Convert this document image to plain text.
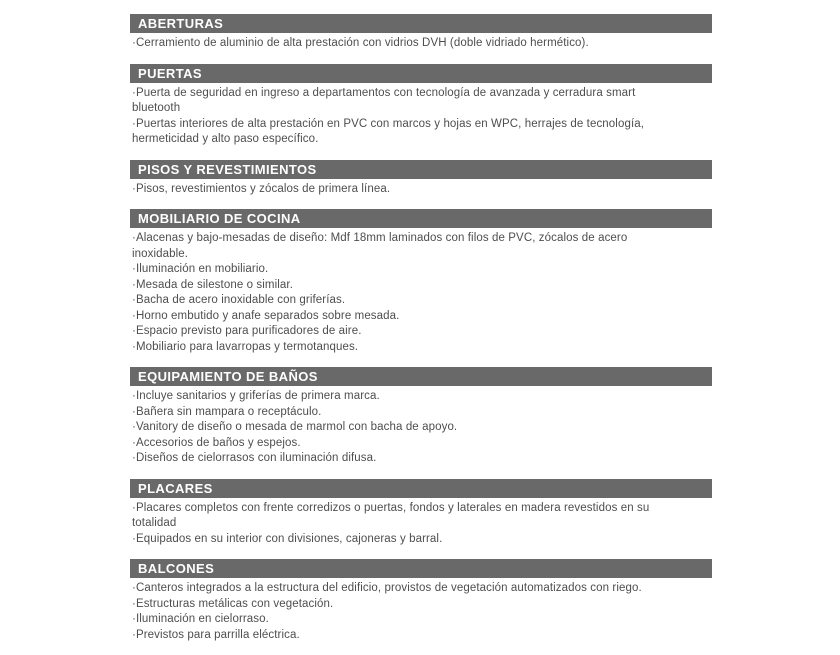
ABERTURAS
· Cerramiento de aluminio de alta prestación con vidrios DVH (doble vidriado hermético).
PUERTAS
· Puerta de seguridad en ingreso a departamentos con tecnología de avanzada y cerradura smart bluetooth
· Puertas interiores de alta prestación en PVC con marcos y hojas en WPC, herrajes de tecnología, hermeticidad y alto paso específico.
PISOS Y REVESTIMIENTOS
· Pisos, revestimientos y zócalos de primera línea.
MOBILIARIO DE COCINA
· Alacenas y bajo-mesadas de diseño: Mdf 18mm laminados con filos de PVC, zócalos de acero inoxidable.
· Iluminación en mobiliario.
· Mesada de silestone o similar.
· Bacha de acero inoxidable con griferías.
· Horno embutido y anafe separados sobre mesada.
· Espacio previsto para purificadores de aire.
· Mobiliario para lavarropas y termotanques.
EQUIPAMIENTO DE BAÑOS
· Incluye sanitarios y griferías de primera marca.
· Bañera sin mampara o receptáculo.
· Vanitory de diseño o mesada de marmol con bacha de apoyo.
· Accesorios de baños y espejos.
· Diseños de cielorrasos con iluminación difusa.
PLACARES
· Placares completos con frente corredizos o puertas, fondos y laterales en madera revestidos en su totalidad
· Equipados en su interior con divisiones, cajoneras y barral.
BALCONES
· Canteros integrados a la estructura del edificio, provistos de vegetación automatizados con riego.
· Estructuras metálicas con vegetación.
· Iluminación en cielorraso.
· Previstos para parrilla eléctrica.
